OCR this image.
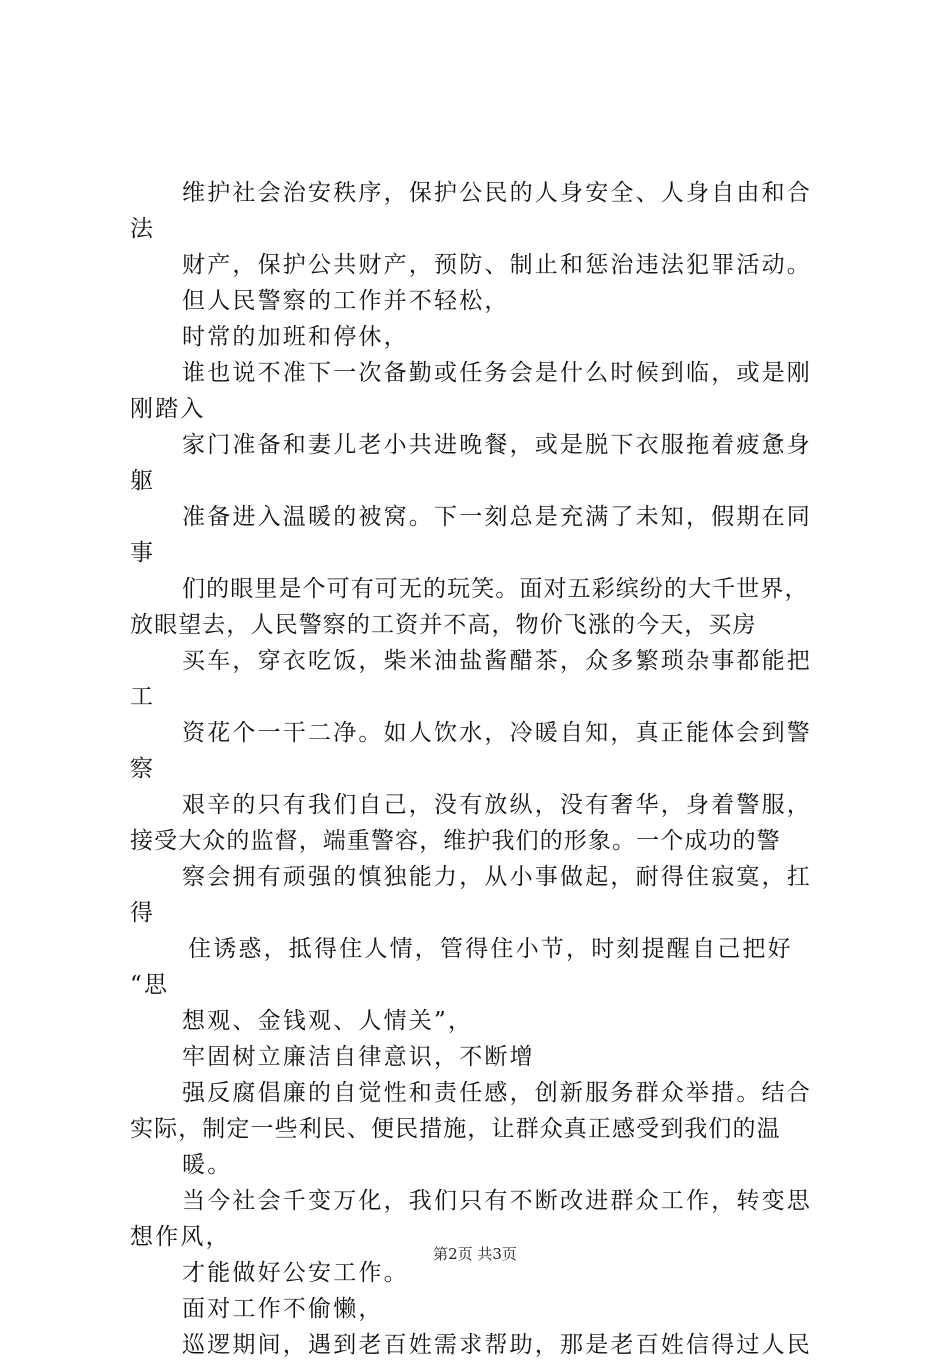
维护社会治安秩序，保护公民的人身安全、人身自由和合
法
财产，保护公共财产，预防、制止和惩治违法犯罪活动。
但人民警察的工作并不轻松，
时常的加班和停休，
谁也说不准下一次备勤或任务会是什么时候到临，或是刚
刚踏入
家门准备和妻儿老小共进晚餐，或是脱下衣服拖着疲惫身
躯
准备进入温暖的被窝。下一刻总是充满了未知，假期在同
事
们的眼里是个可有可无的玩笑。面对五彩缤纷的大千世界，
放眼望去，人民警察的工资并不高，物价飞涨的今天，买房
买车，穿衣吃饭，柴米油盐酱醋茶，众多繁琐杂事都能把
工
资花个一干二净。如人饮水，冷暖自知，真正能体会到警
察
艰辛的只有我们自己，没有放纵，没有奢华，身着警服，
接受大众的监督，端重警容，维护我们的形象。一个成功的警
察会拥有顽强的慎独能力，从小事做起，耐得住寂寞，扛
得
住诱惑，抵得住人情，管得住小节，时刻提醒自己把好
“思
想观、金钱观、人情关”，
牢固树立廉洁自律意识，不断增
强反腐倡廉的自觉性和责任感，创新服务群众举措。结合
实际，制定一些利民、便民措施，让群众真正感受到我们的温
暖。
当今社会千变万化，我们只有不断改进群众工作，转变思
想作风，
才能做好公安工作。
面对工作不偷懒，
巡逻期间，遇到老百姓需求帮助，那是老百姓信得过人民
第2页 共3页
